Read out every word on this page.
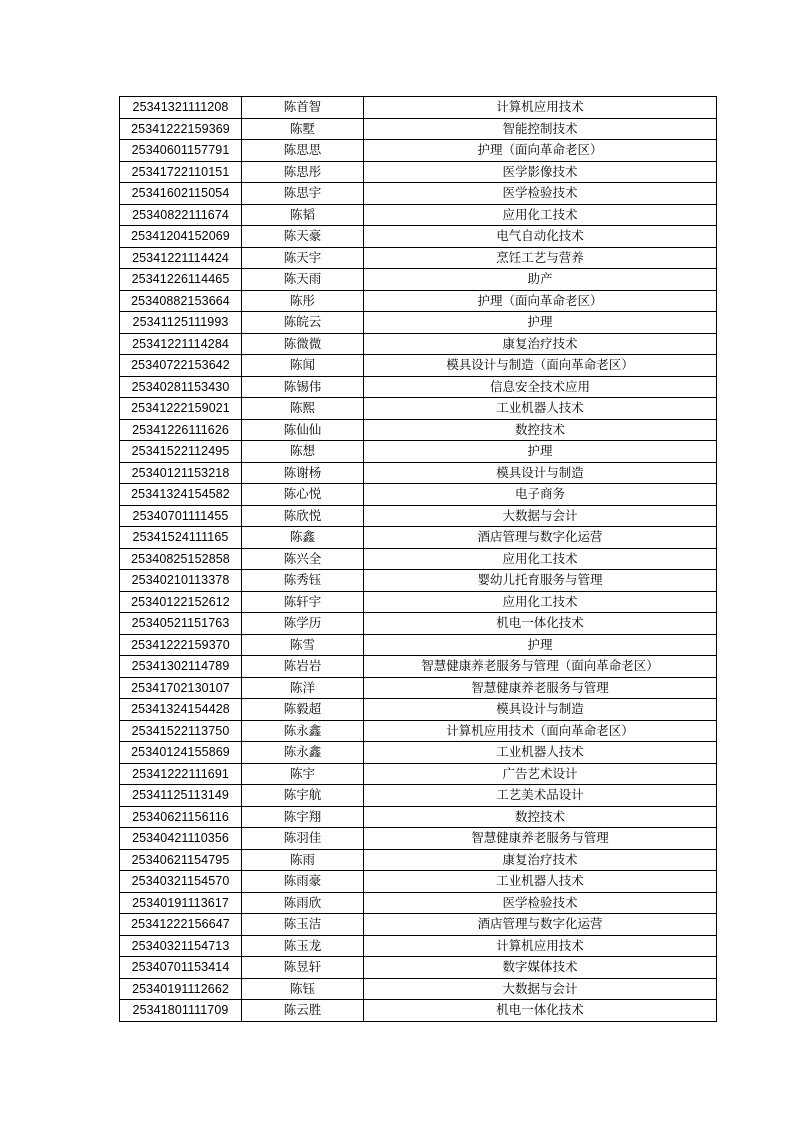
25341321111208	陈首智	计算机应用技术
25341222159369	陈墅	智能控制技术
25340601157791	陈思思	护理（面向革命老区）
25341722110151	陈思彤	医学影像技术
25341602115054	陈思宇	医学检验技术
25340822111674	陈韬	应用化工技术
25341204152069	陈天豪	电气自动化技术
25341221114424	陈天宇	烹饪工艺与营养
25341226114465	陈天雨	助产
25340882153664	陈彤	护理（面向革命老区）
25341125111993	陈皖云	护理
25341221114284	陈微微	康复治疗技术
25340722153642	陈闻	模具设计与制造（面向革命老区）
25340281153430	陈锡伟	信息安全技术应用
25341222159021	陈熙	工业机器人技术
25341226111626	陈仙仙	数控技术
25341522112495	陈想	护理
25340121153218	陈谢杨	模具设计与制造
25341324154582	陈心悦	电子商务
25340701111455	陈欣悦	大数据与会计
25341524111165	陈鑫	酒店管理与数字化运营
25340825152858	陈兴全	应用化工技术
25340210113378	陈秀钰	婴幼儿托育服务与管理
25340122152612	陈轩宇	应用化工技术
25340521151763	陈学历	机电一体化技术
25341222159370	陈雪	护理
25341302114789	陈岩岩	智慧健康养老服务与管理（面向革命老区）
25341702130107	陈洋	智慧健康养老服务与管理
25341324154428	陈毅超	模具设计与制造
25341522113750	陈永鑫	计算机应用技术（面向革命老区）
25340124155869	陈永鑫	工业机器人技术
25341222111691	陈宇	广告艺术设计
25341125113149	陈宇航	工艺美术品设计
25340621156116	陈宇翔	数控技术
25340421110356	陈羽佳	智慧健康养老服务与管理
25340621154795	陈雨	康复治疗技术
25340321154570	陈雨豪	工业机器人技术
25340191113617	陈雨欣	医学检验技术
25341222156647	陈玉洁	酒店管理与数字化运营
25340321154713	陈玉龙	计算机应用技术
25340701153414	陈昱轩	数字媒体技术
25340191112662	陈钰	大数据与会计
25341801111709	陈云胜	机电一体化技术
